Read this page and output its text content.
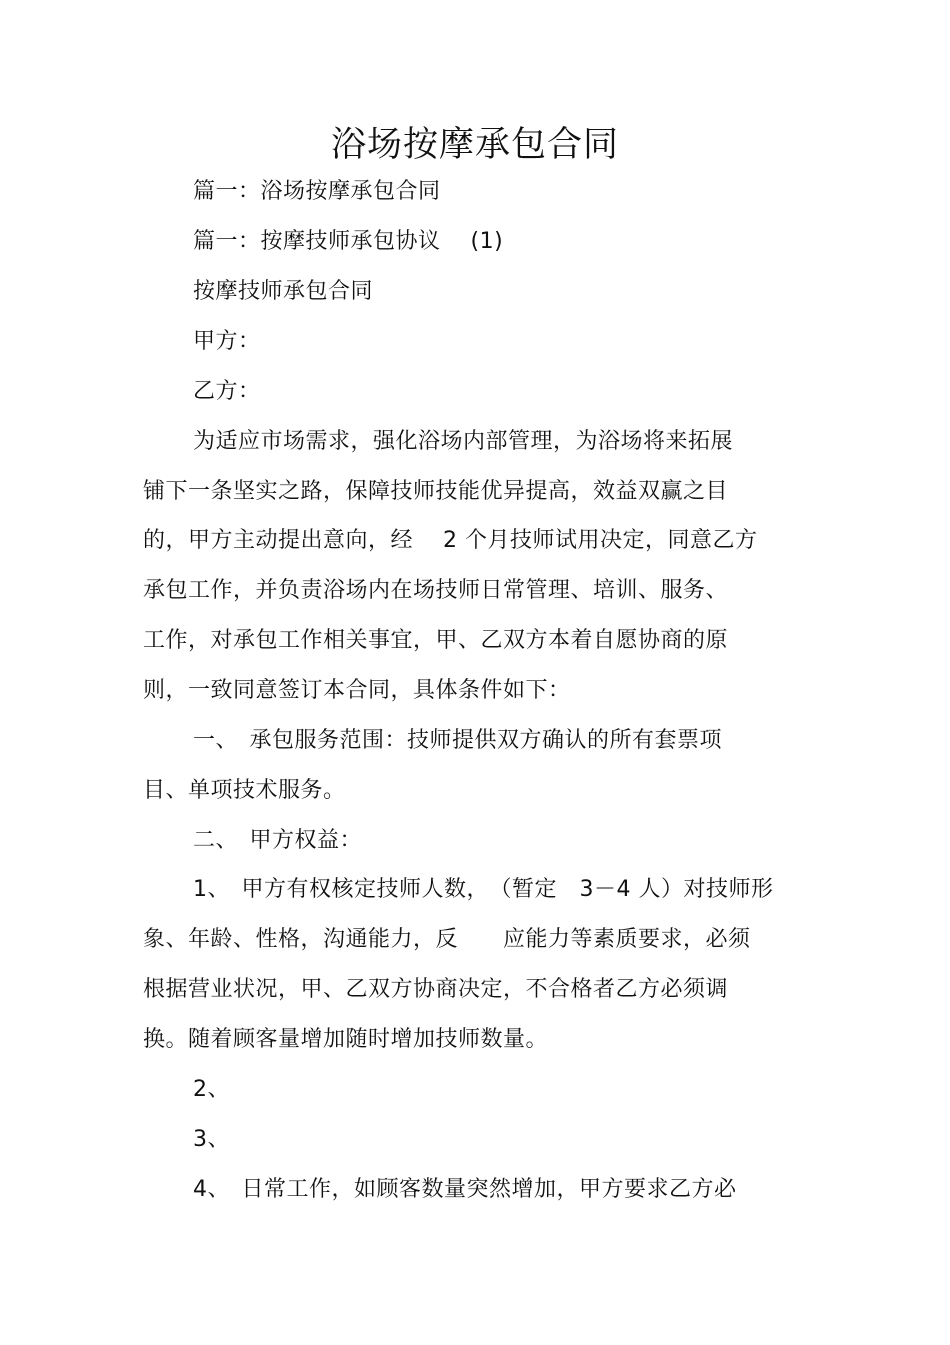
浴场按摩承包合同
篇一：浴场按摩承包合同
篇一：按摩技师承包协议　 (1)
按摩技师承包合同
甲方：
乙方：
为适应市场需求，强化浴场内部管理，为浴场将来拓展
铺下一条坚实之路，保障技师技能优异提高，效益双赢之目
的，甲方主动提出意向，经　 2 个月技师试用决定，同意乙方
承包工作，并负责浴场内在场技师日常管理、培训、服务、
工作，对承包工作相关事宜，甲、乙双方本着自愿协商的原
则，一致同意签订本合同，具体条件如下：
一、　承包服务范围：技师提供双方确认的所有套票项
目、单项技术服务。
二、　甲方权益：
1、　甲方有权核定技师人数，　（暂定　3－4 人）对技师形
象、年龄、性格，沟通能力，反　　应能力等素质要求，必须
根据营业状况，甲、乙双方协商决定，不合格者乙方必须调
换。随着顾客量增加随时增加技师数量。
2、
3、
4、　日常工作，如顾客数量突然增加，甲方要求乙方必
